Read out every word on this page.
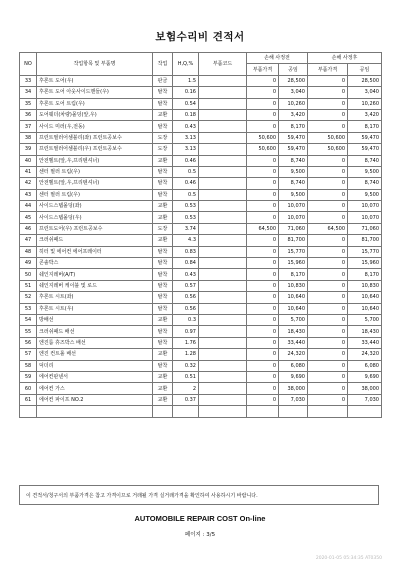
보험수리비 견적서
NO	작업항목 및 부품명	작업	H,Q,%	부품코드	손해 사정전		손해 사정후	
					부품가격	공임	부품가격	공임
33	후론트 도어(우)	판금	1.5		0	28,500	0	28,500
34	후론트 도어 아웃사이드핸들(우)	탈착	0.16		0	3,040	0	3,040
35	후론트 도어 트림(우)	탈착	0.54		0	10,260	0	10,260
36	도어웨더(차량)몰딩(앞,우)	교환	0.18		0	3,420	0	3,420
37	사이드 미러(우,전동)	탈착	0.43		0	8,170	0	8,170
38	프런트필러어셈블리(좌) 프런트공보수	도장	3.13		50,600	59,470	50,600	59,470
39	프런트필러어셈블리(우) 프런트공보수	도장	3.13		50,600	59,470	50,600	59,470
40	안전벨트(앞,우,프리텐셔너)	교환	0.46		0	8,740	0	8,740
41	센터 필러 트림(우)	탈착	0.5		0	9,500	0	9,500
42	안전벨트(앞,우,프리텐셔너)	탈착	0.46		0	8,740	0	8,740
43	센터 필러 트림(우)	탈착	0.5		0	9,500	0	9,500
44	사이드스텝몰딩(좌)	교환	0.53		0	10,070	0	10,070
45	사이드스텝몰딩(우)	교환	0.53		0	10,070	0	10,070
46	프런트도어(우) 프런트공보수	도장	3.74		64,500	71,060	64,500	71,060
47	크러쉬패드	교환	4.3		0	81,700	0	81,700
48	히터 및 에어컨 에어프레이터	탈착	0.83		0	15,770	0	15,770
49	콘솔박스	탈착	0.84		0	15,960	0	15,960
50	쉐인지레버(A/T)	탈착	0.43		0	8,170	0	8,170
51	쉐인지레버 케이블 및 로드	탈착	0.57		0	10,830	0	10,830
52	후론트 시트(좌)	탈착	0.56		0	10,640	0	10,640
53	후론트 시트(우)	탈착	0.56		0	10,640	0	10,640
54	방배선	교환	0.3		0	5,700	0	5,700
55	크러쉬패드 배선	탈착	0.97		0	18,430	0	18,430
56	엔진룸 휴즈박스 배선	탈착	1.76		0	33,440	0	33,440
57	엔진 컨트롤 배선	교환	1.28		0	24,320	0	24,320
58	덕더리	탈착	0.32		0	6,080	0	6,080
59	에어컨판넨서	교환	0.51		0	9,690	0	9,690
60	에어컨 가스	교환	2		0	38,000	0	38,000
61	에어컨 파이프 NO.2	교환	0.37		0	7,030	0	7,030

이 견적서/청구서의 부품가격은 참고 가격이므로 거래될 가격 실거래가격을 확인하여 사용하시기 바랍니다.
AUTOMOBILE REPAIR COST On-line
페이지 : 3/5
2020-01-05 05:34:35 AT0350
